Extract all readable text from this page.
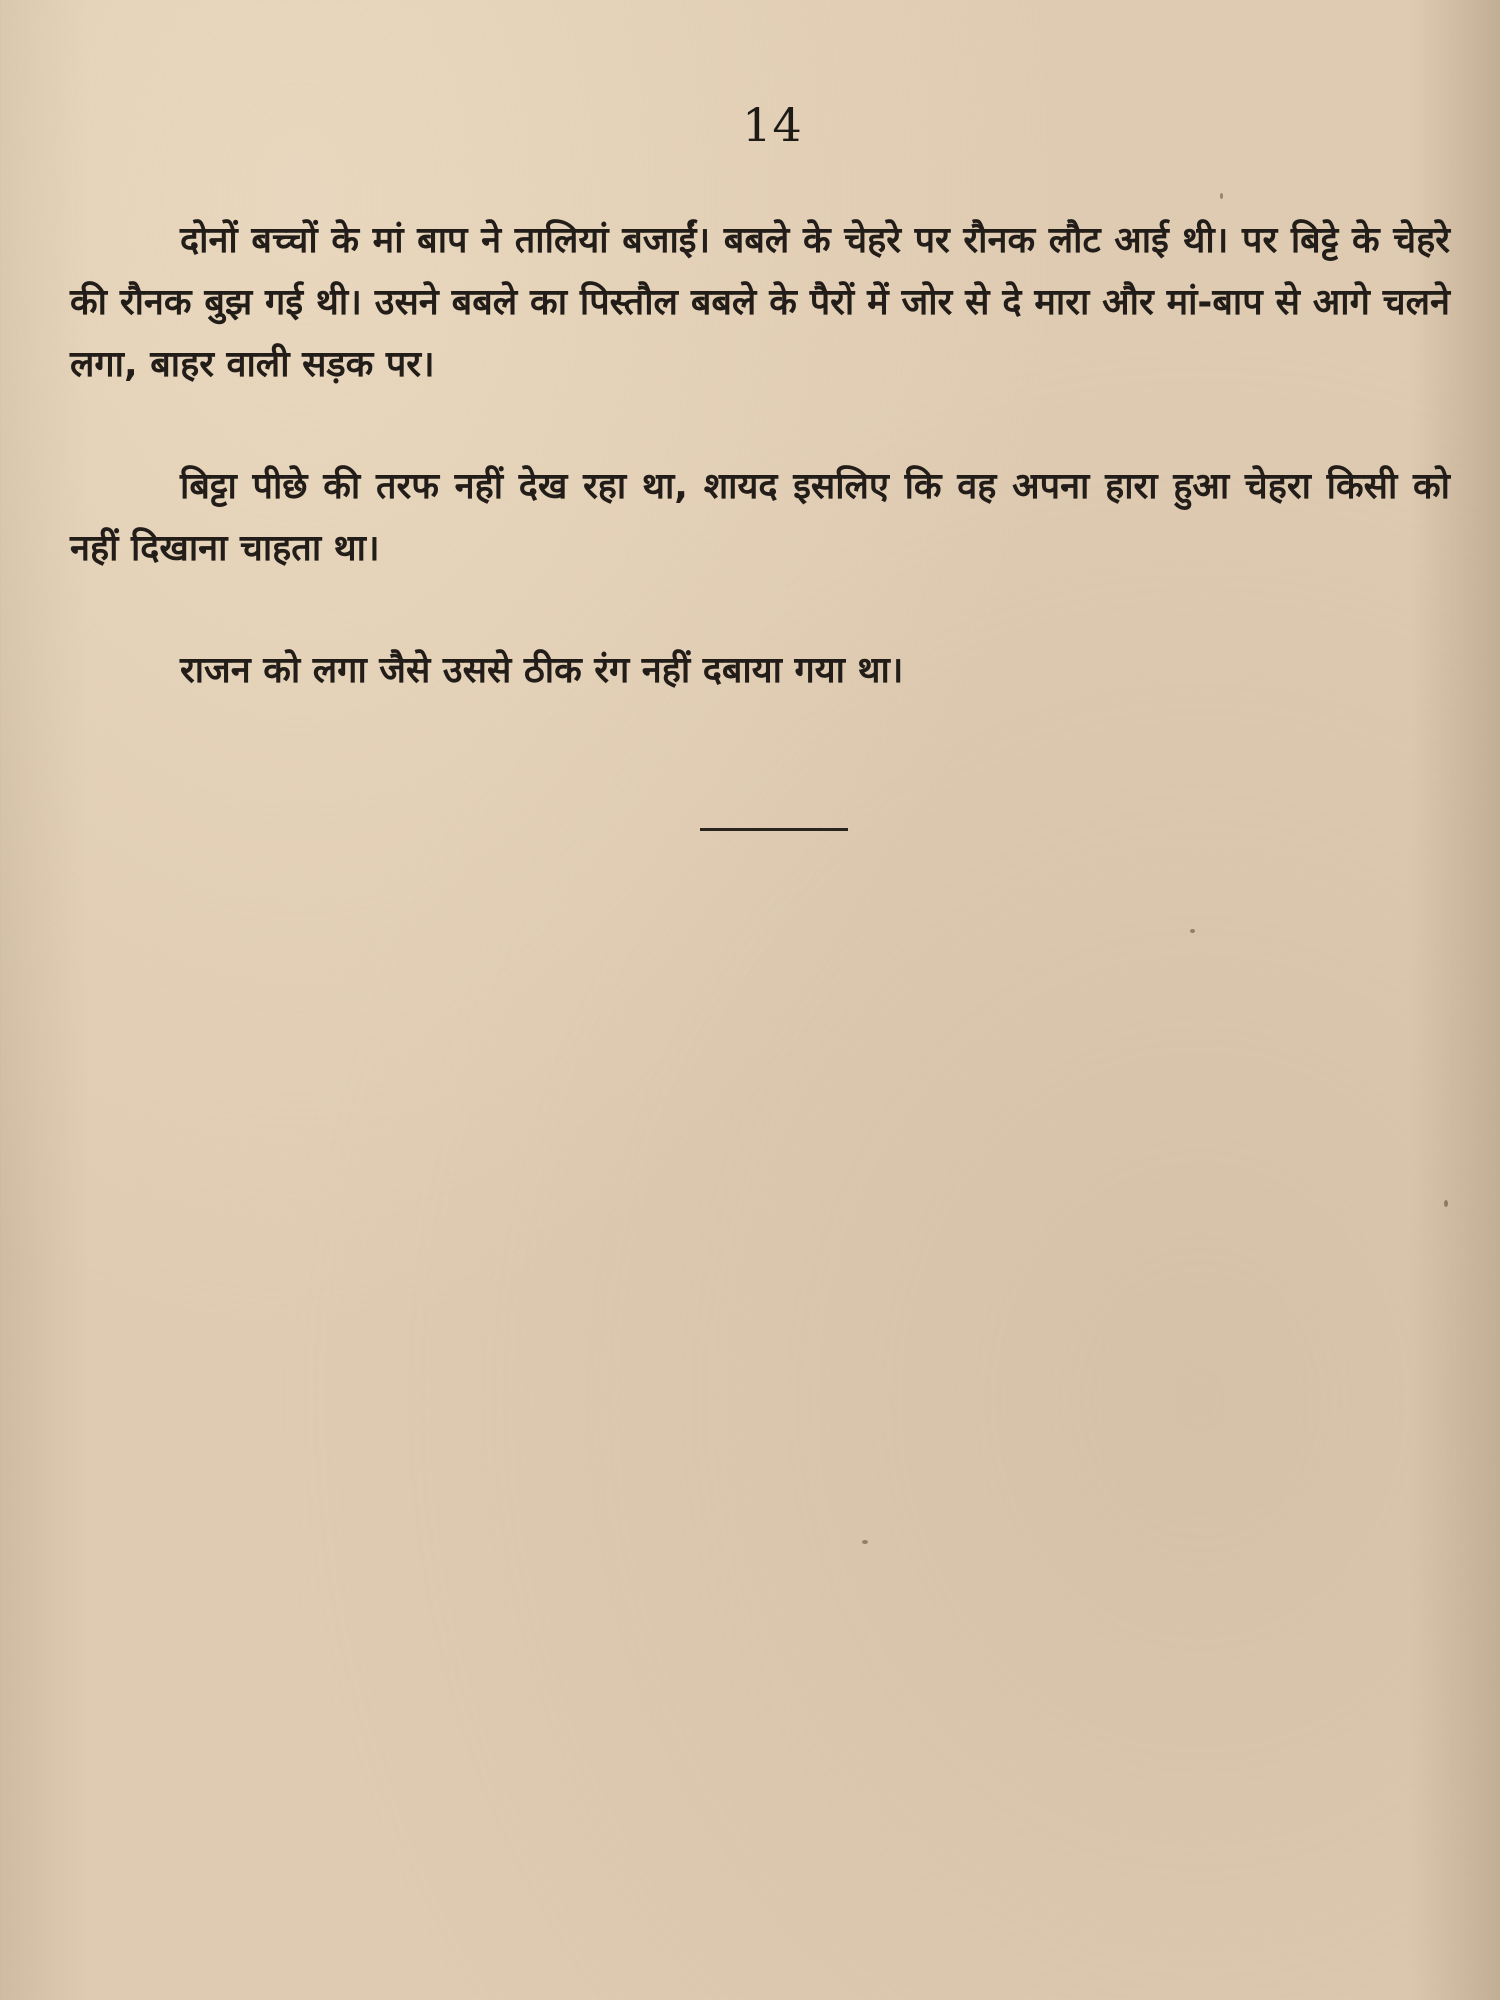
14

दोनों बच्चों के मां बाप ने तालियां बजाईं। बबले के चेहरे पर रौनक लौट आई थी। पर बिट्टे के चेहरे की रौनक बुझ गई थी। उसने बबले का पिस्तौल बबले के पैरों में जोर से दे मारा और मां-बाप से आगे चलने लगा, बाहर वाली सड़क पर।

बिट्टा पीछे की तरफ नहीं देख रहा था, शायद इसलिए कि वह अपना हारा हुआ चेहरा किसी को नहीं दिखाना चाहता था।

राजन को लगा जैसे उससे ठीक रंग नहीं दबाया गया था।
